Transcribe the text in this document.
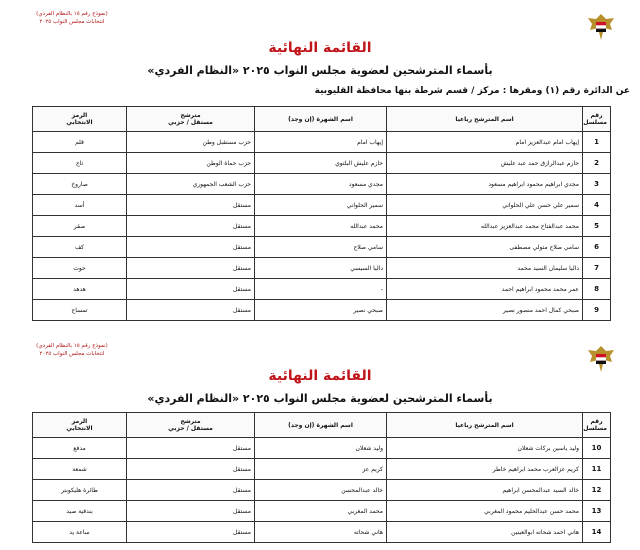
(نموذج رقم ١٥ بالنظام الفردي)
انتخابات مجلس النواب ٢٠٢٥
القائمة النهائية
بأسماء المترشحين لعضوية مجلس النواب ٢٠٢٥ «النظام الفردي»
عن الدائرة رقم (١) ومقرها : مركز / قسم شرطة بنها محافظة القليوبية
رقم
مسلسل	اسم المترشح رباعيا	اسم الشهرة (إن وجد)	مترشح
مستقل / حزبي	الرمز
الانتخابي

1	إيهاب امام عبدالعزيز امام	إيهاب امام	حزب مستقبل وطن	قلم
2	حازم عبدالرازق حمد عبد عليش	حازم عليش البلتوي	حزب حماة الوطن	تاج
3	مجدي ابراهيم محمود ابراهيم مسعود	مجدي مسعود	حزب الشعب الجمهوري	صاروخ
4	سمير علي حسن علي الحلواني	سمير الحلواني	مستقل	أسد
5	محمد عبدالفتاح محمد عبدالعزيز عبدالله	محمد عبدالله	مستقل	صقر
6	سامي صلاح متولي مصطفى	سامي صلاح	مستقل	كف
7	داليا سليمان السيد محمد	داليا السيسي	مستقل	حوت
8	عمر محمد محمود ابراهيم احمد	-	مستقل	هدهد
9	صبحي كمال احمد منصور نصير	صبحي نصير	مستقل	تمساح
(نموذج رقم ١٥ بالنظام الفردي)
انتخابات مجلس النواب ٢٠٢٥
القائمة النهائية
بأسماء المترشحين لعضوية مجلس النواب ٢٠٢٥ «النظام الفردي»
رقم
مسلسل	اسم المترشح رباعيا	اسم الشهرة (إن وجد)	مترشح
مستقل / حزبي	الرمز
الانتخابي

10	وليد ياسين بركات شعلان	وليد شعلان	مستقل	مدفع
11	كريم عزالعرب محمد ابراهيم خاطر	كريم عز	مستقل	شمعة
12	خالد السيد عبدالمحسن ابراهيم	خالد عبدالمحسن	مستقل	طائرة هليكوبتر
13	محمد حسن عبدالحليم محمود المغربي	محمد المغربي	مستقل	بندقية صيد
14	هاني احمد شحاته ابوالعينين	هاني شحاته	مستقل	ساعة يد
